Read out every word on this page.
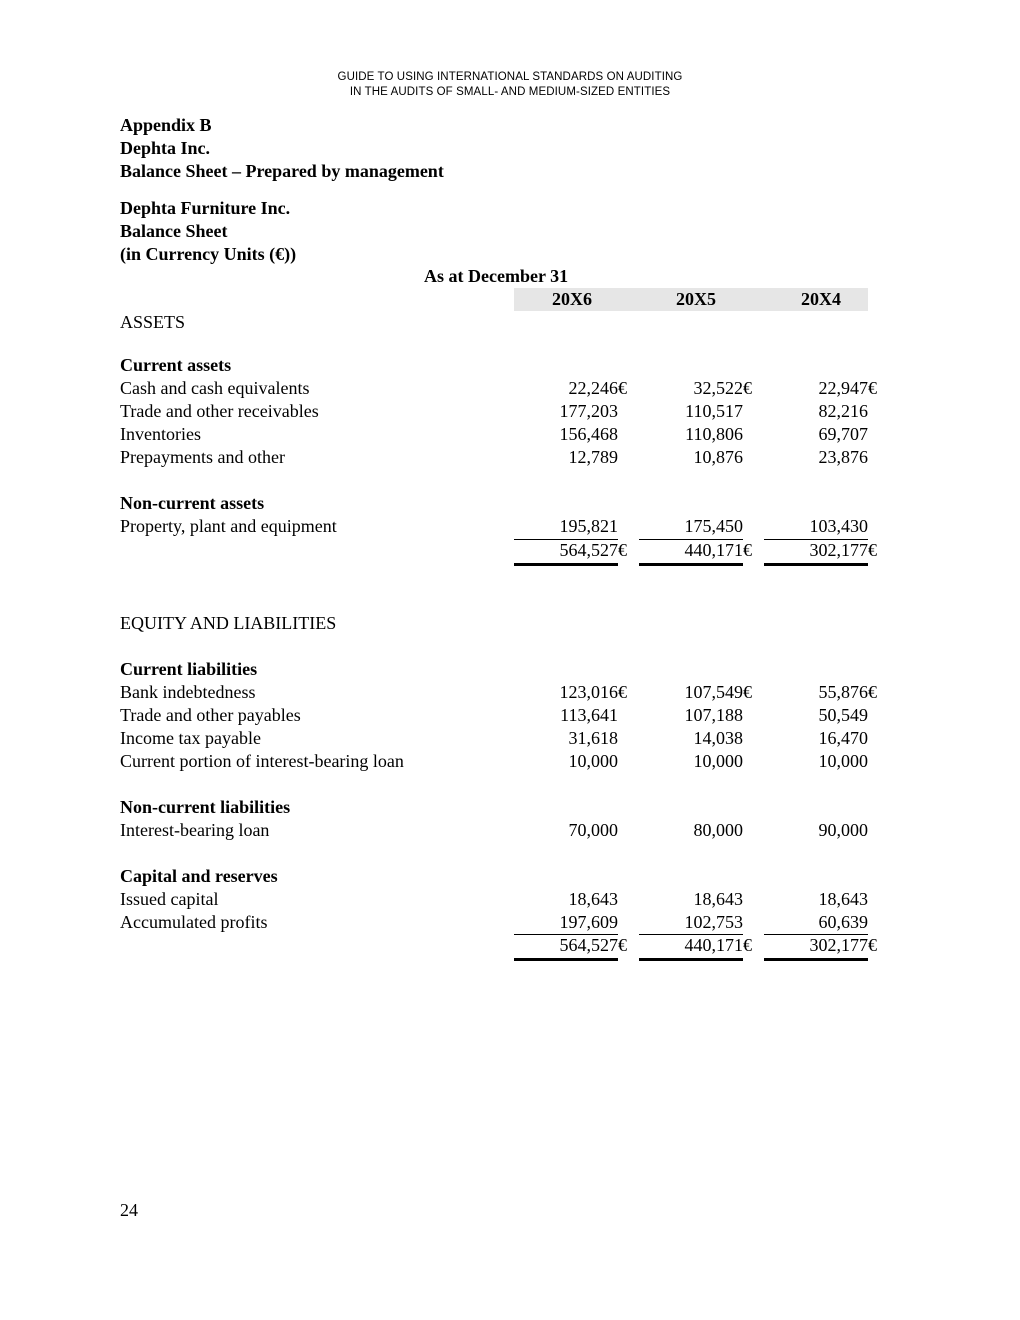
GUIDE TO USING INTERNATIONAL STANDARDS ON AUDITING
IN THE AUDITS OF SMALL- AND MEDIUM-SIZED ENTITIES
Appendix B
Dephta Inc.
Balance Sheet – Prepared by management
Dephta Furniture Inc.
Balance Sheet
(in Currency Units (€))
As at December 31
20X6	20X5	20X4
ASSETS
EQUITY AND LIABILITIES
Current assets
Cash and cash equivalents	22,246€	32,522€	22,947€
Trade and other receivables	177,203	110,517	82,216
Inventories	156,468	110,806	69,707
Prepayments and other	12,789	10,876	23,876
Non-current assets
Property, plant and equipment	195,821	175,450	103,430
564,527€	440,171€	302,177€
Current liabilities
Bank indebtedness	123,016€	107,549€	55,876€
Trade and other payables	113,641	107,188	50,549
Income tax payable	31,618	14,038	16,470
Current portion of interest-bearing loan	10,000	10,000	10,000
Non-current liabilities
Interest-bearing loan	70,000	80,000	90,000
Capital and reserves
Issued capital	18,643	18,643	18,643
Accumulated profits	197,609	102,753	60,639
564,527€	440,171€	302,177€
24
